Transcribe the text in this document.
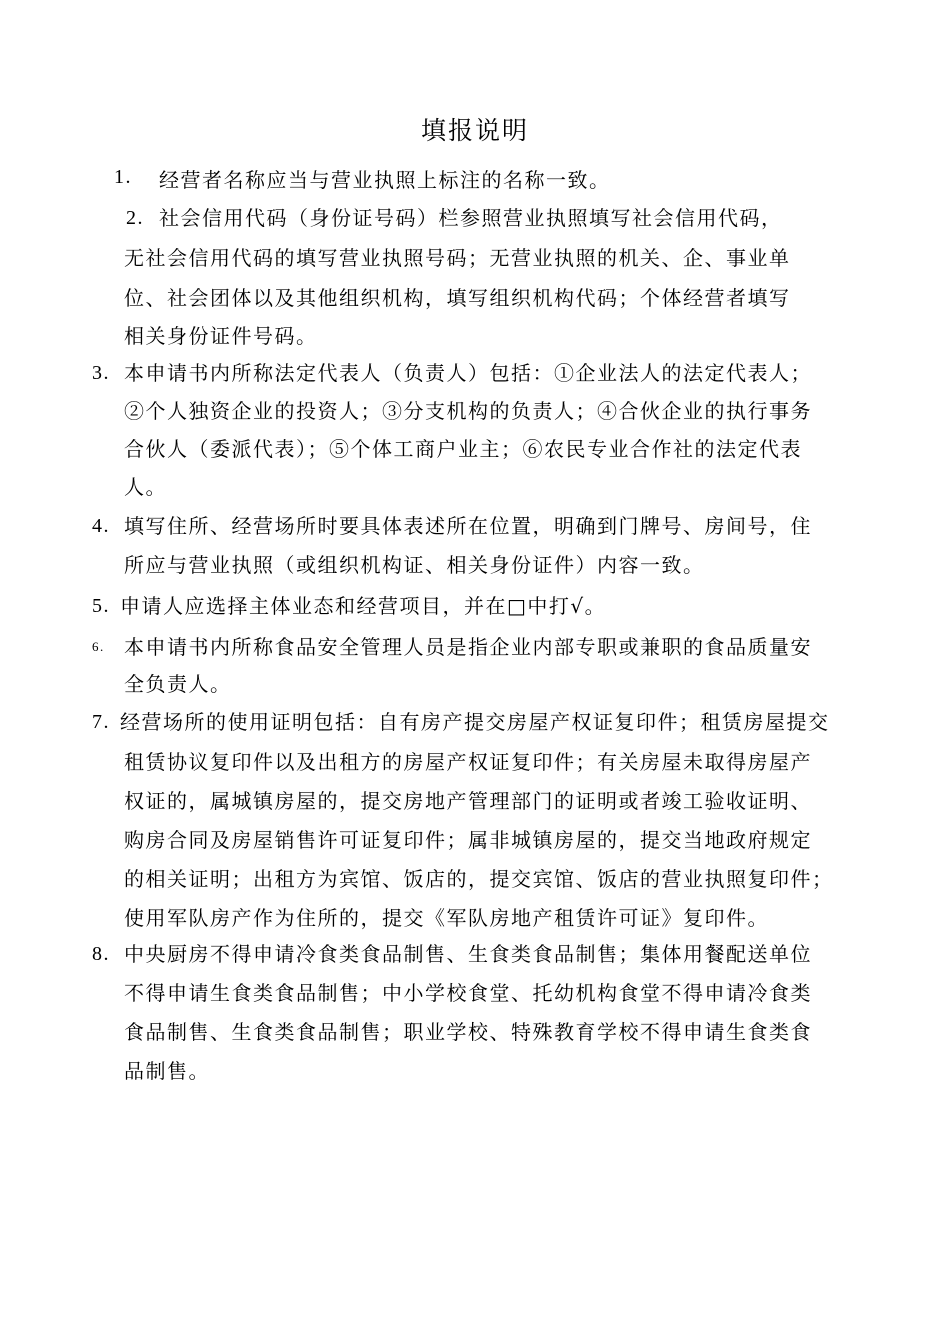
填报说明
1. 经营者名称应当与营业执照上标注的名称一致。
2. 社会信用代码（身份证号码）栏参照营业执照填写社会信用代码，
无社会信用代码的填写营业执照号码；无营业执照的机关、企、事业单
位、社会团体以及其他组织机构，填写组织机构代码；个体经营者填写
相关身份证件号码。
3. 本申请书内所称法定代表人（负责人）包括：①企业法人的法定代表人；
②个人独资企业的投资人；③分支机构的负责人；④合伙企业的执行事务
合伙人（委派代表）；⑤个体工商户业主；⑥农民专业合作社的法定代表
人。
4. 填写住所、经营场所时要具体表述所在位置，明确到门牌号、房间号，住
所应与营业执照（或组织机构证、相关身份证件）内容一致。
5. 申请人应选择主体业态和经营项目，并在□中打√。
6. 本申请书内所称食品安全管理人员是指企业内部专职或兼职的食品质量安
全负责人。
7. 经营场所的使用证明包括：自有房产提交房屋产权证复印件；租赁房屋提交
租赁协议复印件以及出租方的房屋产权证复印件；有关房屋未取得房屋产
权证的，属城镇房屋的，提交房地产管理部门的证明或者竣工验收证明、
购房合同及房屋销售许可证复印件；属非城镇房屋的，提交当地政府规定
的相关证明；出租方为宾馆、饭店的，提交宾馆、饭店的营业执照复印件；
使用军队房产作为住所的，提交《军队房地产租赁许可证》复印件。
8. 中央厨房不得申请冷食类食品制售、生食类食品制售；集体用餐配送单位
不得申请生食类食品制售；中小学校食堂、托幼机构食堂不得申请冷食类
食品制售、生食类食品制售；职业学校、特殊教育学校不得申请生食类食
品制售。
